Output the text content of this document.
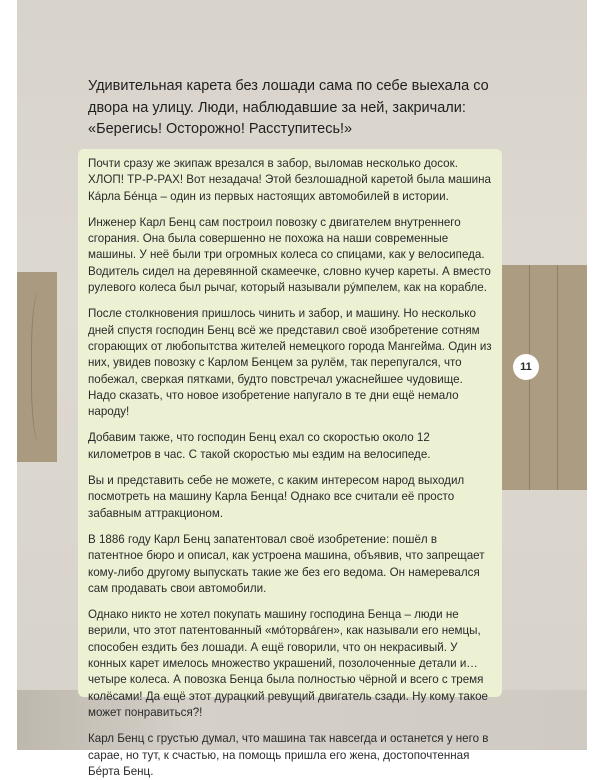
11

Удивительная карета без лошади сама по себе выехала со двора на улицу. Люди, наблюдавшие за ней, закричали: «Берегись! Осторожно! Расступитесь!»

Почти сразу же экипаж врезался в забор, выломав несколько досок. ХЛОП! ТР-Р-РАХ! Вот незадача! Этой безлошадной каретой была машина Кáрла Бéнца – один из первых настоящих автомобилей в истории.

Инженер Карл Бенц сам построил повозку с двигателем внутреннего сгорания. Она была совершенно не похожа на наши современные машины. У неё были три огромных колеса со спицами, как у велосипеда. Водитель сидел на деревянной скамеечке, словно кучер кареты. А вместо рулевого колеса был рычаг, который называли рýмпелем, как на корабле.

После столкновения пришлось чинить и забор, и машину. Но несколько дней спустя господин Бенц всё же представил своё изобретение сотням сгорающих от любопытства жителей немецкого города Мангейма. Один из них, увидев повозку с Карлом Бенцем за рулём, так перепугался, что побежал, сверкая пятками, будто повстречал ужаснейшее чудовище. Надо сказать, что новое изобретение напугало в те дни ещё немало народу!

Добавим также, что господин Бенц ехал со скоростью около 12 километров в час. С такой скоростью мы ездим на велосипеде.

Вы и представить себе не можете, с каким интересом народ выходил посмотреть на машину Карла Бенца! Однако все считали её просто забавным аттракционом.

В 1886 году Карл Бенц запатентовал своё изобретение: пошёл в патентное бюро и описал, как устроена машина, объявив, что запрещает кому-либо другому выпускать такие же без его ведома. Он намеревался сам продавать свои автомобили.

Однако никто не хотел покупать машину господина Бенца – люди не верили, что этот патентованный «мóторвáген», как называли его немцы, способен ездить без лошади. А ещё говорили, что он некрасивый. У конных карет имелось множество украшений, позолоченные детали и… четыре колеса. А повозка Бенца была полностью чёрной и всего с тремя колёсами! Да ещё этот дурацкий ревущий двигатель сзади. Ну кому такое может понравиться?!

Карл Бенц с грустью думал, что машина так навсегда и останется у него в сарае, но тут, к счастью, на помощь пришла его жена, достопочтенная Бéрта Бенц.
